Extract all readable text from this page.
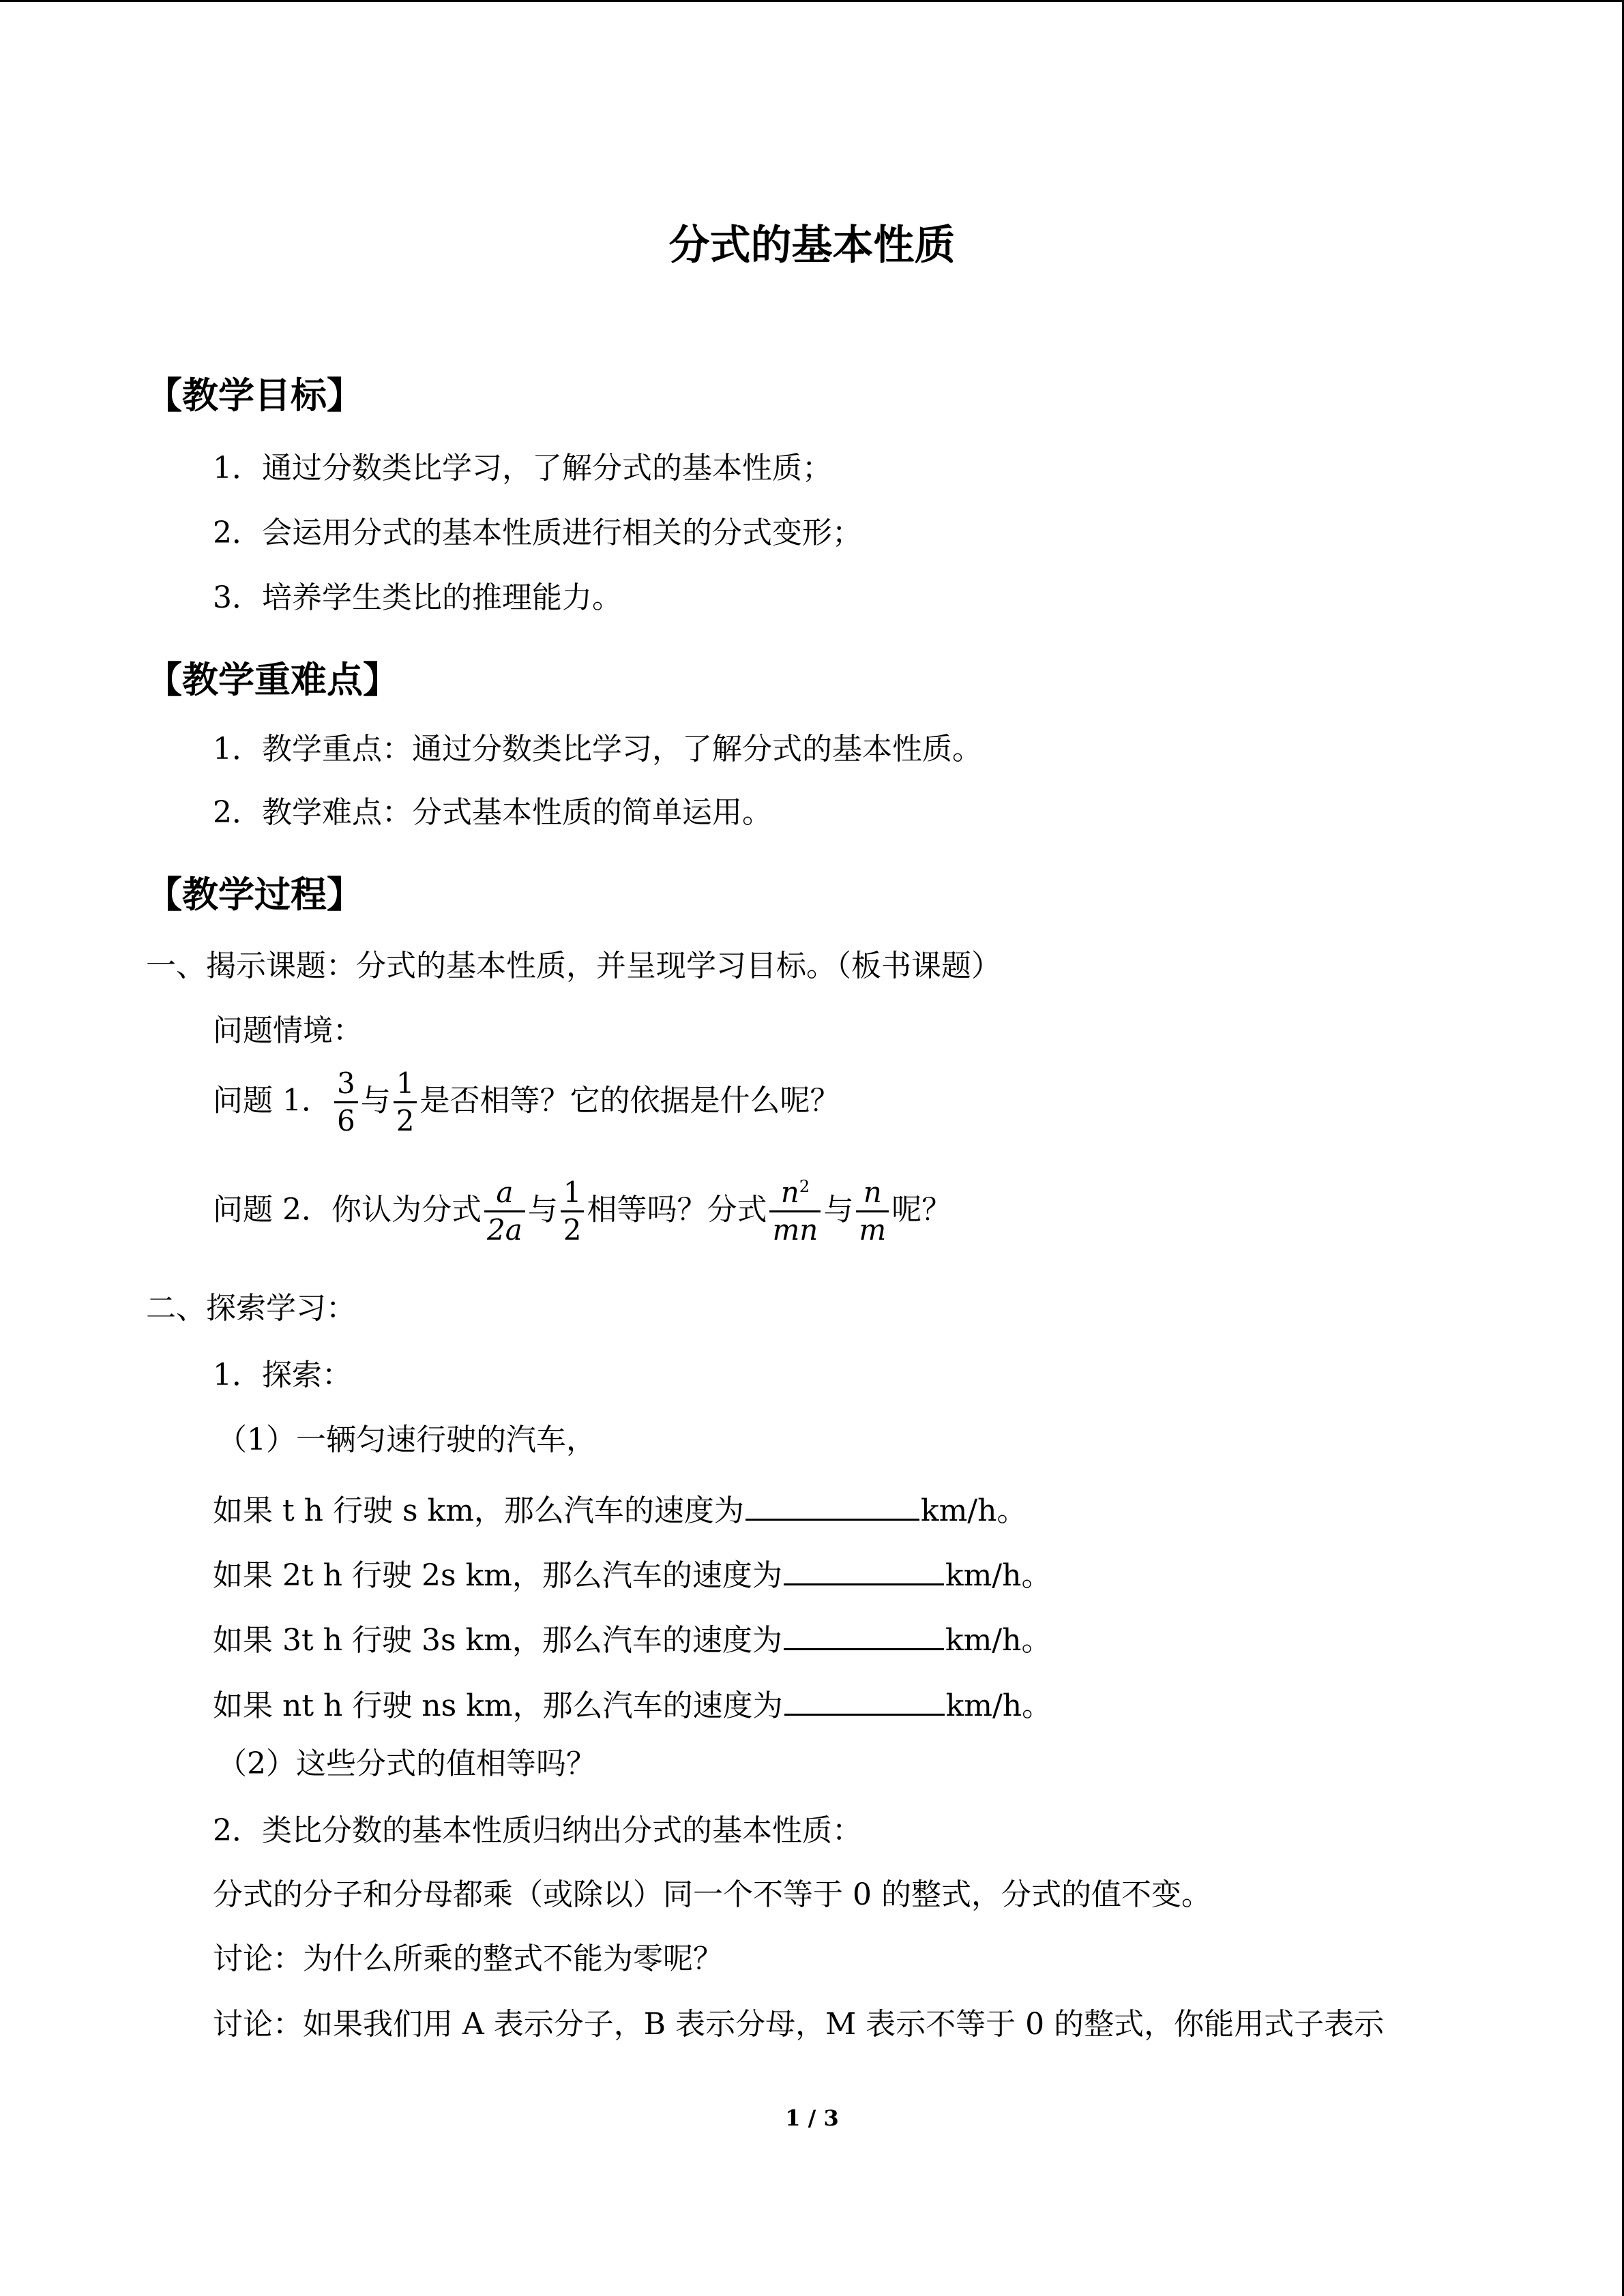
分式的基本性质
【教学目标】
1．通过分数类比学习，了解分式的基本性质；
2．会运用分式的基本性质进行相关的分式变形；
3．培养学生类比的推理能力。
【教学重难点】
1．教学重点：通过分数类比学习，了解分式的基本性质。
2．教学难点：分式基本性质的简单运用。
【教学过程】
一、揭示课题：分式的基本性质，并呈现学习目标。（板书课题）
问题情境：
问题 1． $\frac{3}{6}$ 与 $\frac{1}{2}$ 是否相等？它的依据是什么呢？
问题 2．你认为分式 $\frac{a}{2a}$ 与 $\frac{1}{2}$ 相等吗？分式 $\frac{n^2}{mn}$ 与 $\frac{n}{m}$ 呢？
二、探索学习：
1．探索：
（1）一辆匀速行驶的汽车，
如果 t h 行驶 s km，那么汽车的速度为	km/h。
如果 2t h 行驶 2s km，那么汽车的速度为	km/h。
如果 3t h 行驶 3s km，那么汽车的速度为	km/h。
如果 nt h 行驶 ns km，那么汽车的速度为	km/h。
（2）这些分式的值相等吗？
2．类比分数的基本性质归纳出分式的基本性质：
分式的分子和分母都乘（或除以）同一个不等于 0 的整式，分式的值不变。
讨论：为什么所乘的整式不能为零呢？
讨论：如果我们用 A 表示分子，B 表示分母，M 表示不等于 0 的整式，你能用式子表示
1 / 3
